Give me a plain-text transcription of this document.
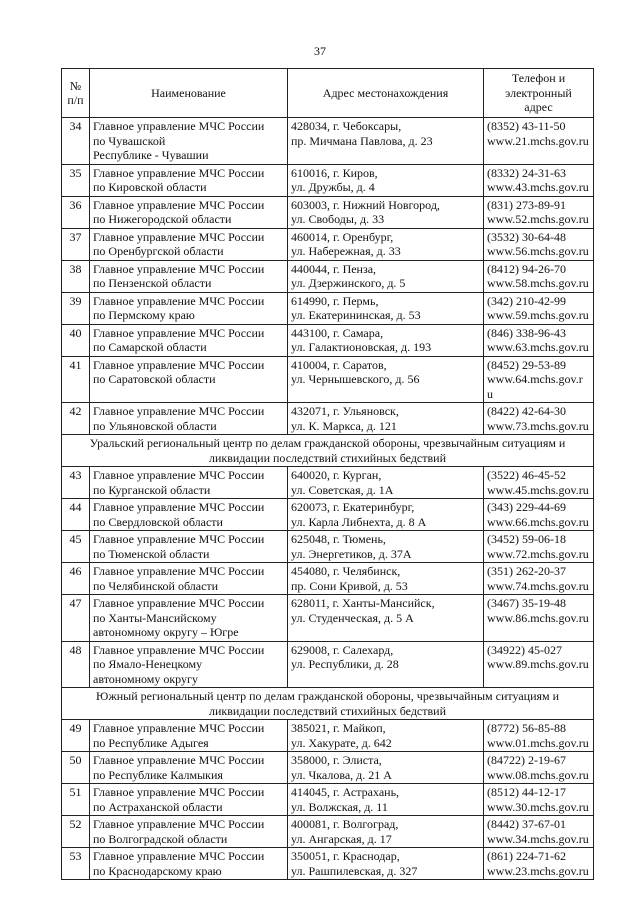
37
№
п/п	Наименование	Адрес местонахождения	Телефон и
электронный
адрес
34	Главное управление МЧС России
по Чувашской
Республике - Чувашии	428034, г. Чебоксары,
пр. Мичмана Павлова, д. 23	(8352) 43-11-50
www.21.mchs.gov.ru
35	Главное управление МЧС России
по Кировской области	610016, г. Киров,
ул. Дружбы, д. 4	(8332) 24-31-63
www.43.mchs.gov.ru
36	Главное управление МЧС России
по Нижегородской области	603003, г. Нижний Новгород,
ул. Свободы, д. 33	(831) 273-89-91
www.52.mchs.gov.ru
37	Главное управление МЧС России
по Оренбургской области	460014, г. Оренбург,
ул. Набережная, д. 33	(3532) 30-64-48
www.56.mchs.gov.ru
38	Главное управление МЧС России
по Пензенской области	440044, г. Пенза,
ул. Дзержинского, д. 5	(8412) 94-26-70
www.58.mchs.gov.ru
39	Главное управление МЧС России
по Пермскому краю	614990, г. Пермь,
ул. Екатерининская, д. 53	(342) 210-42-99
www.59.mchs.gov.ru
40	Главное управление МЧС России
по Самарской области	443100, г. Самара,
ул. Галактионовская, д. 193	(846) 338-96-43
www.63.mchs.gov.ru
41	Главное управление МЧС России
по Саратовской области	410004, г. Саратов,
ул. Чернышевского, д. 56	(8452) 29-53-89
www.64.mchs.gov.r
u
42	Главное управление МЧС России
по Ульяновской области	432071, г. Ульяновск,
ул. К. Маркса, д. 121	(8422) 42-64-30
www.73.mchs.gov.ru
Уральский региональный центр по делам гражданской обороны, чрезвычайным ситуациям и
ликвидации последствий стихийных бедствий			
43	Главное управление МЧС России
по Курганской области	640020, г. Курган,
ул. Советская, д. 1А	(3522) 46-45-52
www.45.mchs.gov.ru
44	Главное управление МЧС России
по Свердловской области	620073, г. Екатеринбург,
ул. Карла Либнехта, д. 8 А	(343) 229-44-69
www.66.mchs.gov.ru
45	Главное управление МЧС России
по Тюменской области	625048, г. Тюмень,
ул. Энергетиков, д. 37А	(3452) 59-06-18
www.72.mchs.gov.ru
46	Главное управление МЧС России
по Челябинской области	454080, г. Челябинск,
пр. Сони Кривой, д. 53	(351) 262-20-37
www.74.mchs.gov.ru
47	Главное управление МЧС России
по Ханты-Мансийскому
автономному округу – Югре	628011, г. Ханты-Мансийск,
ул. Студенческая, д. 5 А	(3467) 35-19-48
www.86.mchs.gov.ru
48	Главное управление МЧС России
по Ямало-Ненецкому
автономному округу	629008, г. Салехард,
ул. Республики, д. 28	(34922) 45-027
www.89.mchs.gov.ru
Южный региональный центр по делам гражданской обороны, чрезвычайным ситуациям и
ликвидации последствий стихийных бедствий			
49	Главное управление МЧС России
по Республике Адыгея	385021, г. Майкоп,
ул. Хакурате, д. 642	(8772) 56-85-88
www.01.mchs.gov.ru
50	Главное управление МЧС России
по Республике Калмыкия	358000, г. Элиста,
ул. Чкалова, д. 21 А	(84722) 2-19-67
www.08.mchs.gov.ru
51	Главное управление МЧС России
по Астраханской области	414045, г. Астрахань,
ул. Волжская, д. 11	(8512) 44-12-17
www.30.mchs.gov.ru
52	Главное управление МЧС России
по Волгоградской области	400081, г. Волгоград,
ул. Ангарская, д. 17	(8442) 37-67-01
www.34.mchs.gov.ru
53	Главное управление МЧС России
по Краснодарскому краю	350051, г. Краснодар,
ул. Рашпилевская, д. 327	(861) 224-71-62
www.23.mchs.gov.ru
